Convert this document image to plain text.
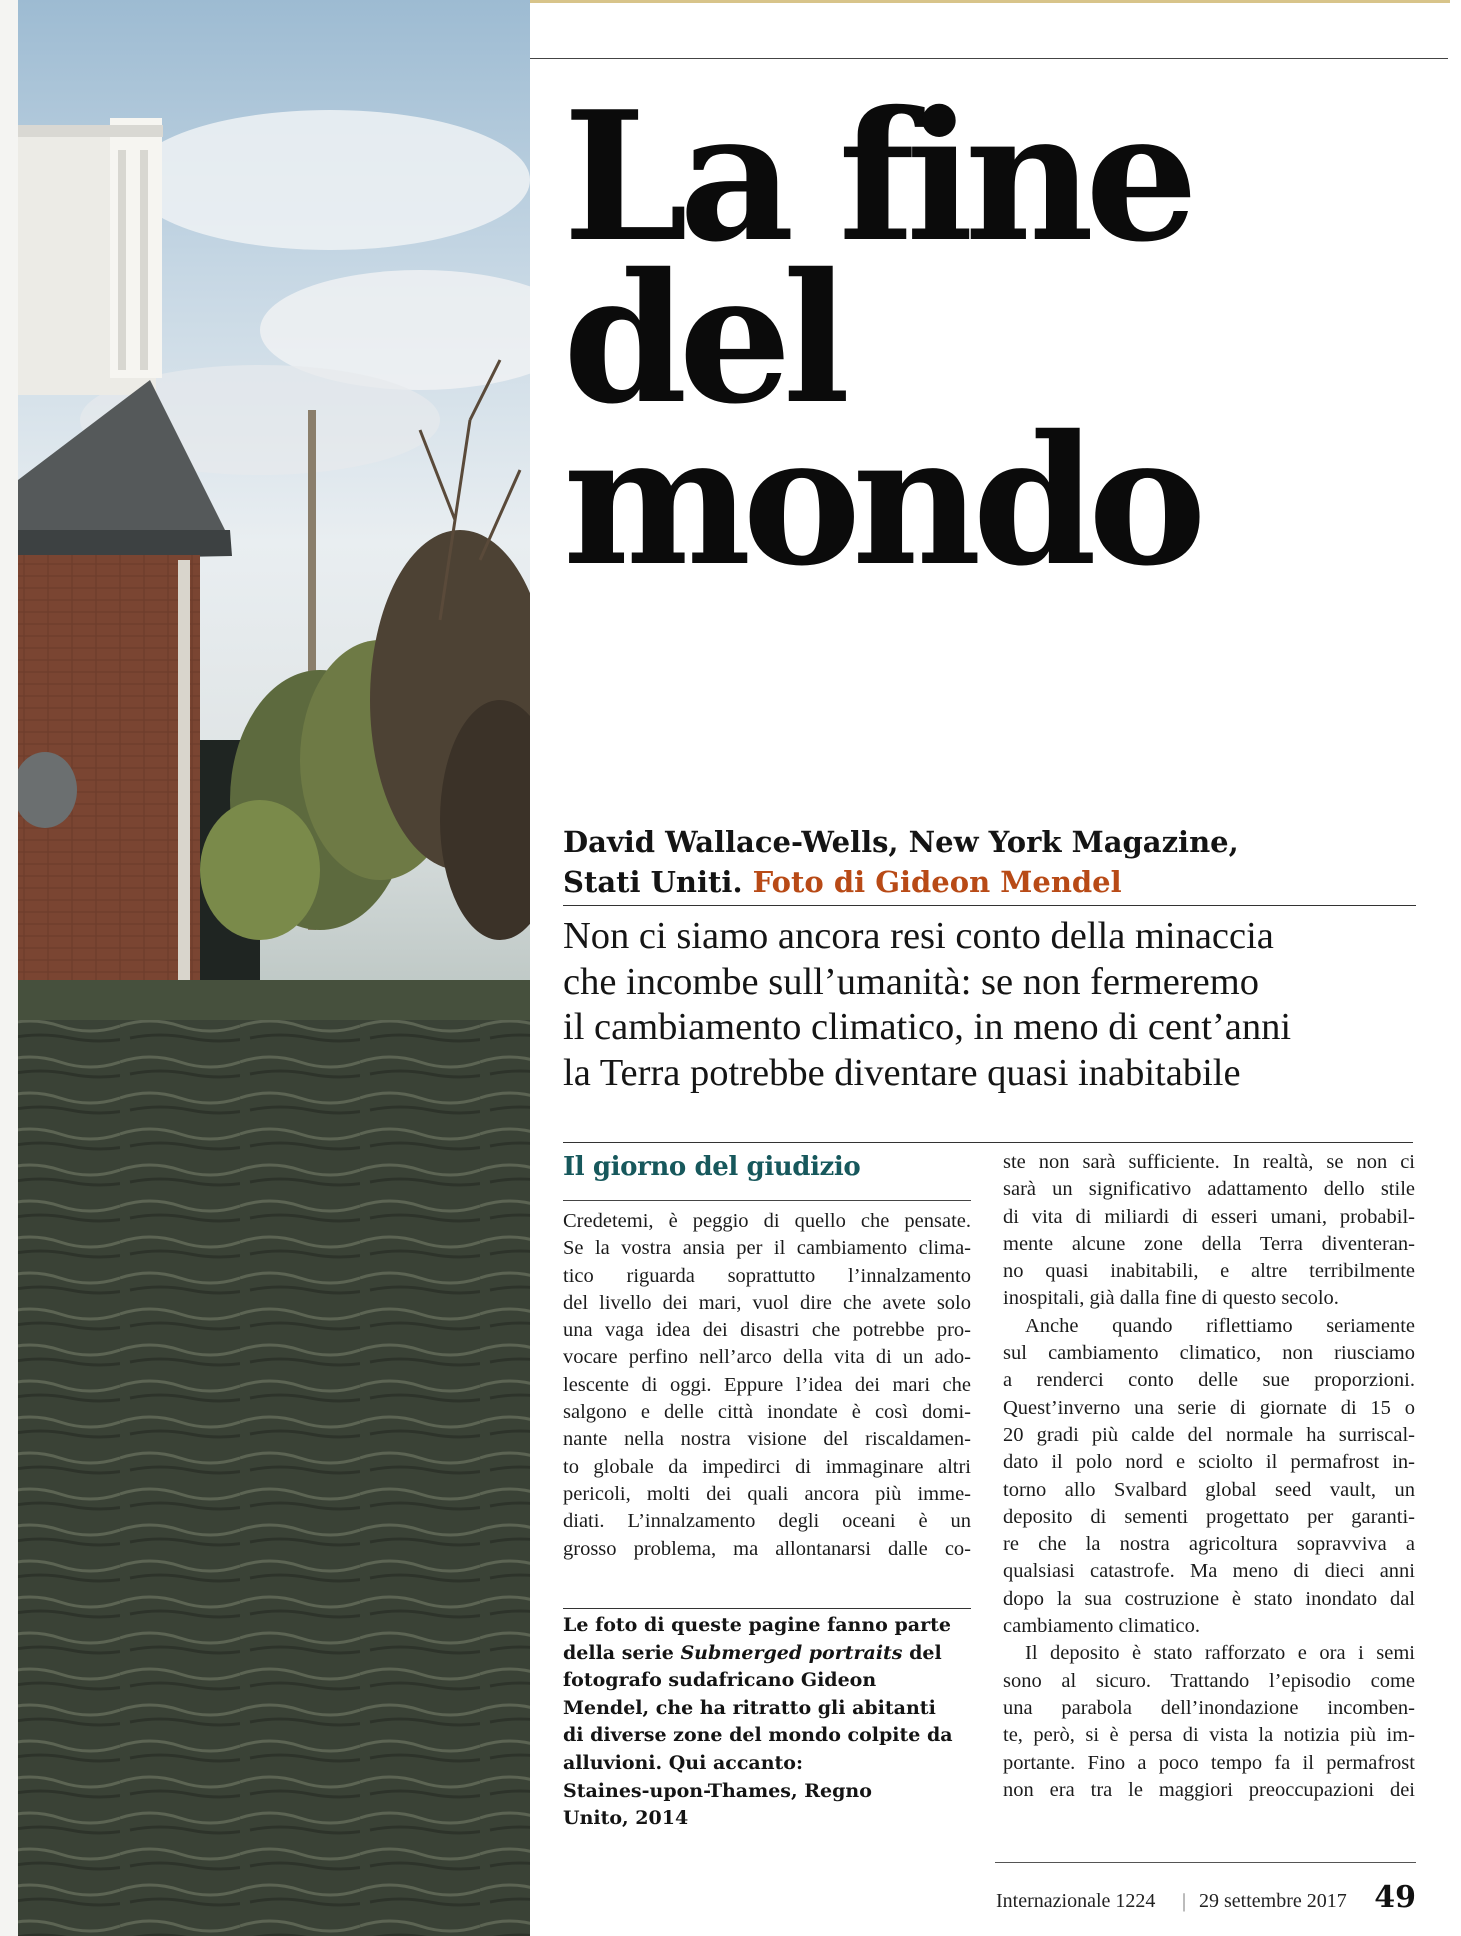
La fine
del
mondo
David Wallace-Wells, New York Magazine,
Stati Uniti. Foto di Gideon Mendel
Non ci siamo ancora resi conto della minaccia
che incombe sull’umanità: se non fermeremo
il cambiamento climatico, in meno di cent’anni
la Terra potrebbe diventare quasi inabitabile
Il giorno del giudizio
Credetemi, è peggio di quello che pensate.
Se la vostra ansia per il cambiamento clima-
tico riguarda soprattutto l’innalzamento
del livello dei mari, vuol dire che avete solo
una vaga idea dei disastri che potrebbe pro-
vocare perfino nell’arco della vita di un ado-
lescente di oggi. Eppure l’idea dei mari che
salgono e delle città inondate è così domi-
nante nella nostra visione del riscaldamen-
to globale da impedirci di immaginare altri
pericoli, molti dei quali ancora più imme-
diati. L’innalzamento degli oceani è un
grosso problema, ma allontanarsi dalle co-
Le foto di queste pagine fanno parte
della serie Submerged portraits del
fotografo sudafricano Gideon
Mendel, che ha ritratto gli abitanti
di diverse zone del mondo colpite da
alluvioni. Qui accanto:
Staines-upon-Thames, Regno
Unito, 2014
ste non sarà sufficiente. In realtà, se non ci
sarà un significativo adattamento dello stile
di vita di miliardi di esseri umani, probabil-
mente alcune zone della Terra diventeran-
no quasi inabitabili, e altre terribilmente
inospitali, già dalla fine di questo secolo.
Anche quando riflettiamo seriamente
sul cambiamento climatico, non riusciamo
a renderci conto delle sue proporzioni.
Quest’inverno una serie di giornate di 15 o
20 gradi più calde del normale ha surriscal-
dato il polo nord e sciolto il permafrost in-
torno allo Svalbard global seed vault, un
deposito di sementi progettato per garanti-
re che la nostra agricoltura sopravviva a
qualsiasi catastrofe. Ma meno di dieci anni
dopo la sua costruzione è stato inondato dal
cambiamento climatico.
Il deposito è stato rafforzato e ora i semi
sono al sicuro. Trattando l’episodio come
una parabola dell’inondazione incomben-
te, però, si è persa di vista la notizia più im-
portante. Fino a poco tempo fa il permafrost
non era tra le maggiori preoccupazioni dei
Internazionale 1224 | 29 settembre 2017 49
